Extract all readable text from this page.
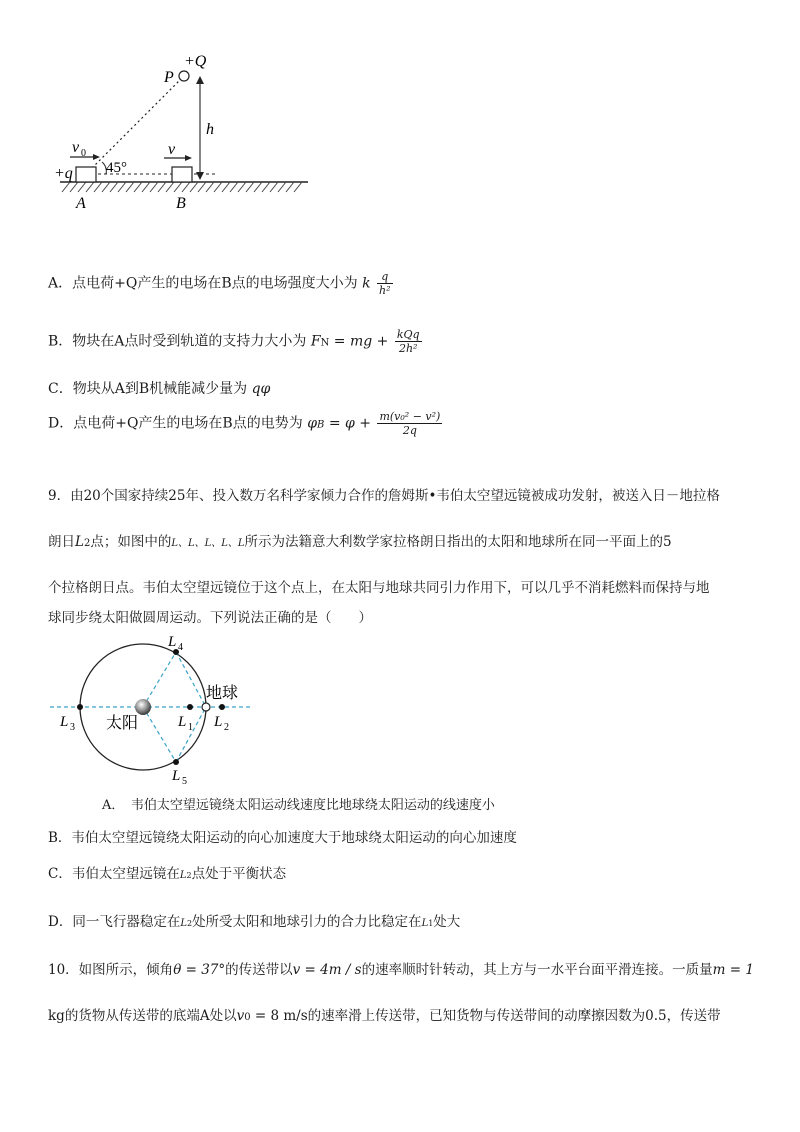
P
+Q
h
v 0	v
+q 45°
A	B
A．点电荷+Q产生的电场在B点的电场强度大小为 k $\frac{q}{\text{h²}}$
B．物块在A点时受到轨道的支持力大小为 FN = mg + $\frac{\text{kQq}}{\text{2h²}}$
C．物块从A到B机械能减少量为 qφ
D．点电荷+Q产生的电场在B点的电势为 $\varphi B = \varphi + \frac{\text{m(v₀² − v²)}}{2q}$
9．由20个国家持续25年、投入数万名科学家倾力合作的詹姆斯•韦伯太空望远镜被成功发射，被送入日－地拉格
朗日L2点；如图中的L、L、L、L、L所示为法籍意大利数学家拉格朗日指出的太阳和地球所在同一平面上的5
个拉格朗日点。韦伯太空望远镜位于这个点上，在太阳与地球共同引力作用下，可以几乎不消耗燃料而保持与地
球同步绕太阳做圆周运动。下列说法正确的是（　　）
L 4
L 3	L 1 L 2
L 5
太阳
地球
A．　韦伯太空望远镜绕太阳运动线速度比地球绕太阳运动的线速度小
B．韦伯太空望远镜绕太阳运动的向心加速度大于地球绕太阳运动的向心加速度
C．韦伯太空望远镜在L2点处于平衡状态
D．同一飞行器稳定在L2处所受太阳和地球引力的合力比稳定在L1处大
10．如图所示，倾角θ = 37°的传送带以v = 4m / s的速率顺时针转动，其上方与一水平台面平滑连接。一质量m = 1
kg的货物从传送带的底端A处以v0 = 8 m/s的速率滑上传送带，已知货物与传送带间的动摩擦因数为0.5，传送带
